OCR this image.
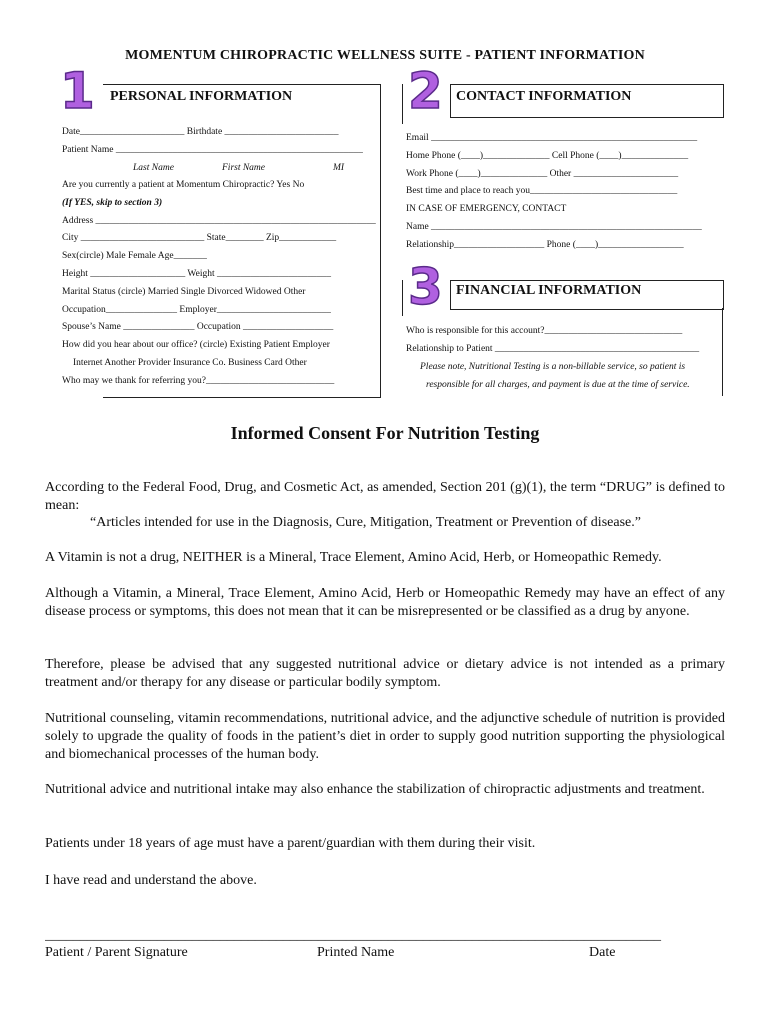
MOMENTUM CHIROPRACTIC WELLNESS SUITE - PATIENT INFORMATION
1 PERSONAL INFORMATION
Date______________________ Birthdate ________________________
Patient Name ____________________________________________________
Last Name	First Name	MI
Are you currently a patient at Momentum Chiropractic? Yes No
(If YES, skip to section 3)
Address ___________________________________________________________
City __________________________ State________ Zip____________
Sex(circle) Male Female Age_______
Height ____________________ Weight ________________________
Marital Status (circle) Married Single Divorced Widowed Other
Occupation_______________ Employer________________________
Spouse’s Name _______________ Occupation ___________________
How did you hear about our office? (circle) Existing Patient Employer
Internet Another Provider Insurance Co. Business Card Other
Who may we thank for referring you?___________________________
2 CONTACT INFORMATION
Email ________________________________________________________
Home Phone (____)______________ Cell Phone (____)______________
Work Phone (____)______________ Other ______________________
Best time and place to reach you_______________________________
IN CASE OF EMERGENCY, CONTACT
Name _________________________________________________________
Relationship___________________ Phone (____)__________________
3 FINANCIAL INFORMATION
Who is responsible for this account?_____________________________
Relationship to Patient ___________________________________________
Please note, Nutritional Testing is a non-billable service, so patient is
responsible for all charges, and payment is due at the time of service.
Informed Consent For Nutrition Testing
According to the Federal Food, Drug, and Cosmetic Act, as amended, Section 201 (g)(1), the term “DRUG” is defined to mean:
“Articles intended for use in the Diagnosis, Cure, Mitigation, Treatment or Prevention of disease.”
A Vitamin is not a drug, NEITHER is a Mineral, Trace Element, Amino Acid, Herb, or Homeopathic Remedy.
Although a Vitamin, a Mineral, Trace Element, Amino Acid, Herb or Homeopathic Remedy may have an effect of any disease process or symptoms, this does not mean that it can be misrepresented or be classified as a drug by anyone.
Therefore, please be advised that any suggested nutritional advice or dietary advice is not intended as a primary treatment and/or therapy for any disease or particular bodily symptom.
Nutritional counseling, vitamin recommendations, nutritional advice, and the adjunctive schedule of nutrition is provided solely to upgrade the quality of foods in the patient’s diet in order to supply good nutrition supporting the physiological and biomechanical processes of the human body.
Nutritional advice and nutritional intake may also enhance the stabilization of chiropractic adjustments and treatment.
Patients under 18 years of age must have a parent/guardian with them during their visit.
I have read and understand the above.
________________________________________________________________________________________
Patient / Parent Signature	Printed Name	Date
